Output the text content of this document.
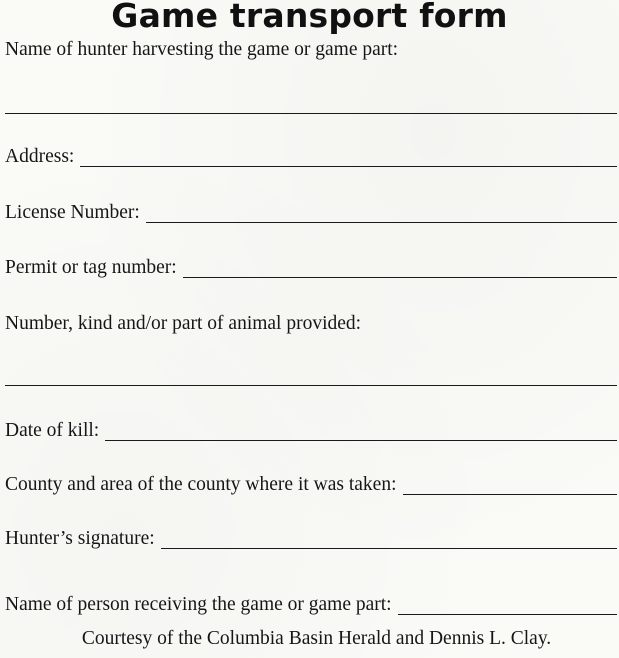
Game transport form
Name of hunter harvesting the game or game part:
Address:
License Number:
Permit or tag number:
Number, kind and/or part of animal provided:
Date of kill:
County and area of the county where it was taken:
Hunter’s signature:
Name of person receiving the game or game part:
Courtesy of the Columbia Basin Herald and Dennis L. Clay.
